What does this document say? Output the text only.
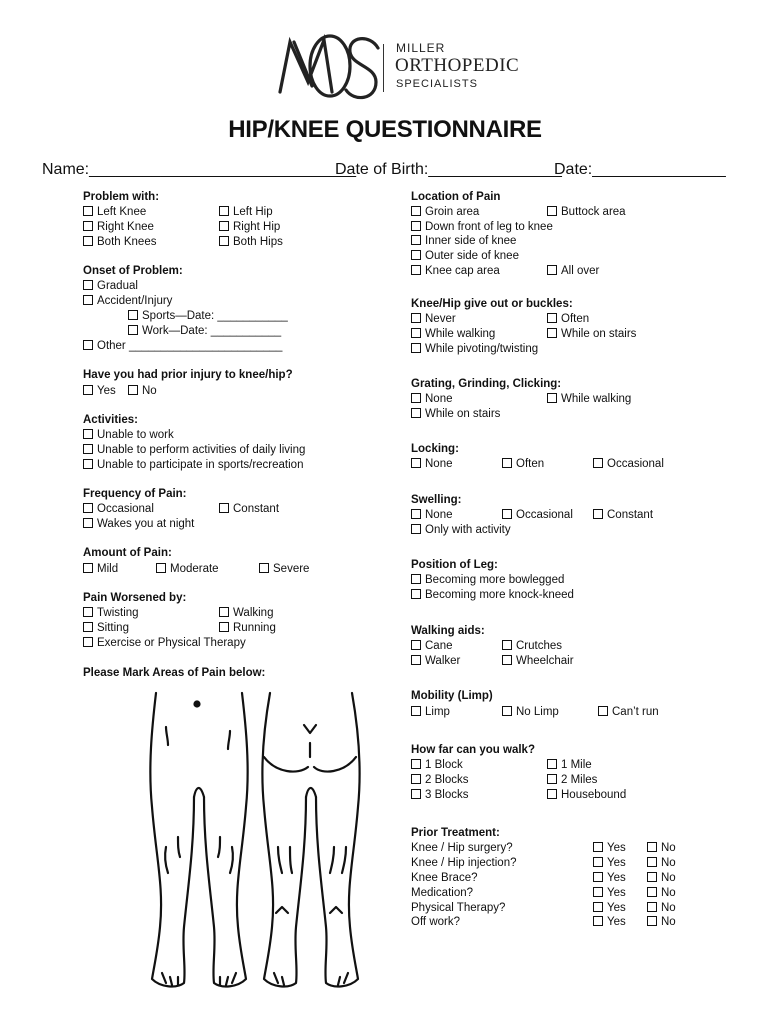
MILLER
ORTHOPEDIC
SPECIALISTS
HIP/KNEE QUESTIONNAIRE
Name:______________________________
Date of Birth:_______________
Date:_______________
Problem with:
Left Knee	Left Hip
Right Knee	Right Hip
Both Knees	Both Hips
Onset of Problem:
Gradual
Accident/Injury
Sports—Date: ___________
Work—Date: ___________
Other ________________________
Have you had prior injury to knee/hip?
Yes	No
Activities:
Unable to work
Unable to perform activities of daily living
Unable to participate in sports/recreation
Frequency of Pain:
Occasional	Constant
Wakes you at night
Amount of Pain:
Mild	Moderate	Severe
Pain Worsened by:
Twisting	Walking
Sitting	Running
Exercise or Physical Therapy
Please Mark Areas of Pain below:
Location of Pain
Groin area	Buttock area
Down front of leg to knee
Inner side of knee
Outer side of knee
Knee cap area	All over
Knee/Hip give out or buckles:
Never	Often
While walking	While on stairs
While pivoting/twisting
Grating, Grinding, Clicking:
None	While walking
While on stairs
Locking:
None	Often	Occasional
Swelling:
None	Occasional	Constant
Only with activity
Position of Leg:
Becoming more bowlegged
Becoming more knock-kneed
Walking aids:
Cane	Crutches
Walker	Wheelchair
Mobility (Limp)
Limp	No Limp	Can’t run
How far can you walk?
1 Block	1 Mile
2 Blocks	2 Miles
3 Blocks	Housebound
Prior Treatment:
Knee / Hip surgery?	Yes	No
Knee / Hip injection?	Yes	No
Knee Brace?	Yes	No
Medication?	Yes	No
Physical Therapy?	Yes	No
Off work?	Yes	No
